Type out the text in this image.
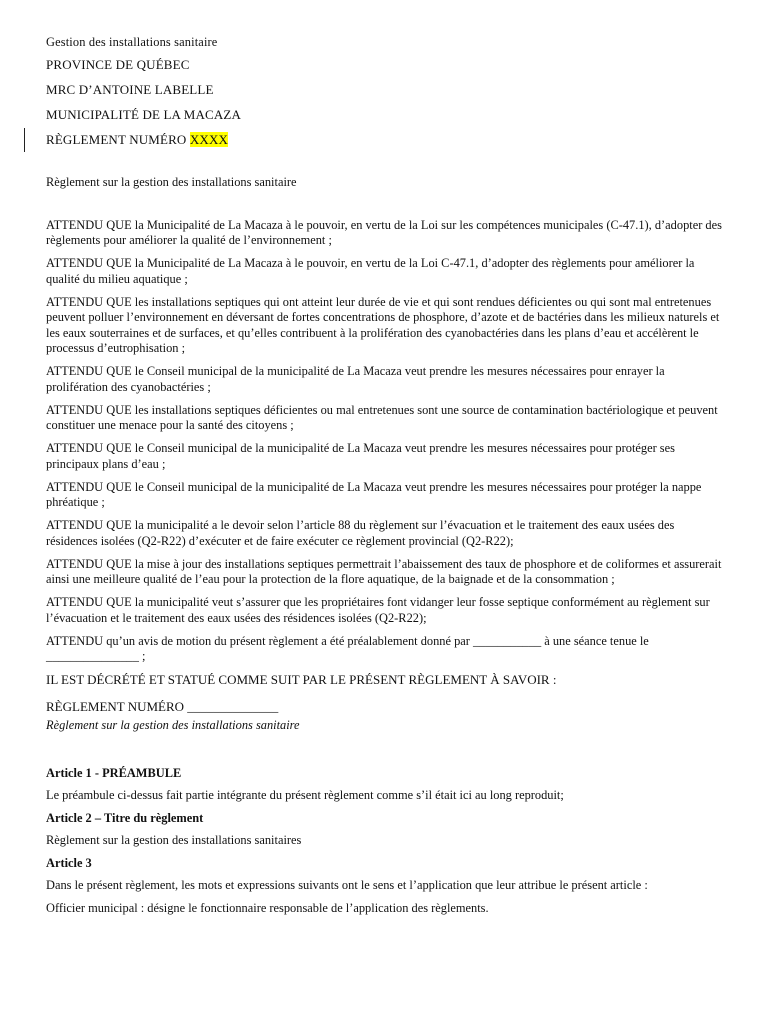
Gestion des installations sanitaire

PROVINCE DE QUÉBEC

MRC D’ANTOINE LABELLE

MUNICIPALITÉ DE LA MACAZA

RÈGLEMENT NUMÉRO XXXX

Règlement sur la gestion des installations sanitaire

ATTENDU QUE la Municipalité de La Macaza à le pouvoir, en vertu de la Loi sur les compétences municipales (C-47.1), d’adopter des règlements pour améliorer la qualité de l’environnement ;

ATTENDU QUE la Municipalité de La Macaza à le pouvoir, en vertu de la Loi C-47.1, d’adopter des règlements pour améliorer la qualité du milieu aquatique ;

ATTENDU QUE les installations septiques qui ont atteint leur durée de vie et qui sont rendues déficientes ou qui sont mal entretenues peuvent polluer l’environnement en déversant de fortes concentrations de phosphore, d’azote et de bactéries dans les milieux naturels et les eaux souterraines et de surfaces, et qu’elles contribuent à la prolifération des cyanobactéries dans les plans d’eau et accélèrent le processus d’eutrophisation ;

ATTENDU QUE le Conseil municipal de la municipalité de La Macaza veut prendre les mesures nécessaires pour enrayer la prolifération des cyanobactéries ;

ATTENDU QUE les installations septiques déficientes ou mal entretenues sont une source de contamination bactériologique et peuvent constituer une menace pour la santé des citoyens ;

ATTENDU QUE le Conseil municipal de la municipalité de La Macaza veut prendre les mesures nécessaires pour protéger ses principaux plans d’eau ;

ATTENDU QUE le Conseil municipal de la municipalité de La Macaza veut prendre les mesures nécessaires pour protéger la nappe phréatique ;

ATTENDU QUE la municipalité a le devoir selon l’article 88 du règlement sur l’évacuation et le traitement des eaux usées des résidences isolées (Q2-R22) d’exécuter et de faire exécuter ce règlement provincial (Q2-R22);

ATTENDU QUE la mise à jour des installations septiques permettrait l’abaissement des taux de phosphore et de coliformes et assurerait ainsi une meilleure qualité de l’eau pour la protection de la flore aquatique, de la baignade et de la consommation ;

ATTENDU QUE la municipalité veut s’assurer que les propriétaires font vidanger leur fosse septique conformément au règlement sur l’évacuation et le traitement des eaux usées des résidences isolées (Q2-R22);

ATTENDU qu’un avis de motion du présent règlement a été préalablement donné par ___________ à une séance tenue le _______________ ;

IL EST DÉCRÉTÉ ET STATUÉ COMME SUIT PAR LE PRÉSENT RÈGLEMENT À SAVOIR :

RÈGLEMENT NUMÉRO ______________

Règlement sur la gestion des installations sanitaire

Article 1 - PRÉAMBULE

Le préambule ci-dessus fait partie intégrante du présent règlement comme s’il était ici au long reproduit;

Article 2 – Titre du règlement

Règlement sur la gestion des installations sanitaires

Article 3

Dans le présent règlement, les mots et expressions suivants ont le sens et l’application que leur attribue le présent article :

Officier municipal : désigne le fonctionnaire responsable de l’application des règlements.
